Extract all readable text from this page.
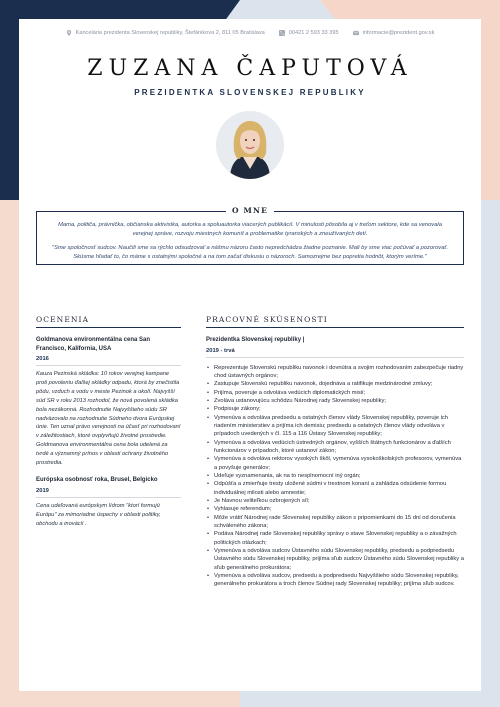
Kancelária prezidenta Slovenskej republiky, Štefánikova 2, 811 05 Bratislava	00421 2 593 33 395	informacie@prezident.gov.sk
ZUZANA ČAPUTOVÁ
PREZIDENTKA SLOVENSKEJ REPUBLIKY
O MNE

Mama, političa, právnička, občianska aktivistka, autorka a spoluautorka viacerých publikácií. V minulosti pôsobila aj v treťom sektore, kde sa venovala verejnej správe, rozvoju miestnych komunít a problematike tyranských a zneužívaných detí.

"Sme spoločnosť sudcov. Naučili sme sa rýchlo odsudzovať a nášmu názoru často nepredchádza žiadne poznanie. Mali by sme viac počúvať a pozorovať. Skúsme hľadať to, čo máme s ostatnými spoločné a na tom začať diskusiu o názoroch. Samozrejme bez popretia hodnôt, ktorým veríme."

OCENENIA
Goldmanova environmentálna cena San Francisco, Kalifornia, USA
2016
Kauza Pezinská skládka: 10 rokov verejnej kampane proti povoleniu ďalšej skládky odpadu, ktorá by znečistila pôdu, vzduch a vodu v meste Pezinok a okolí. Najvyšší súd SR v roku 2013 rozhodol, že nová povolená skládka bola nezákonná. Rozhodnutie Najvyššieho súdu SR nadväzovalo na rozhodnutie Súdneho dvora Európskej únie. Ten uznal právo verejnosti na účasť pri rozhodovaní v záležitostiach, ktoré ovplyvňujú životné prostredie. Goldmanova environmentálna cena bola udelená za tvrdé a významný prínos v oblasti ochrany životného prostredia.
Európska osobnosť roka, Brusel, Belgicko
2019
Cena udeľovaná európskym lídrom "ktorí formujú Európu" za mimoriadne úspechy v oblasti politiky, obchodu a inovácií .
PRACOVNÉ SKÚSENOSTI
Prezidentka Slovenskej republiky |
2019 - trvá
• Reprezentuje Slovenskú republiku navonok i dovnútra a svojim rozhodovaním zabezpečuje riadny chod ústavných orgánov;
• Zastupuje Slovenskú republiku navonok, dojednáva a ratifikuje medzinárodné zmluvy;
• Prijíma, poveruje a odvoláva vedúcich diplomatických misií;
• Zvoláva ustanovujúcu schôdzu Národnej rady Slovenskej republiky;
• Podpisuje zákony;
• Vymenúva a odvoláva predsedu a ostatných členov vlády Slovenskej republiky, poveruje ich riadením ministerstiev a prijíma ich demisiu; predsedu a ostatných členov vlády odvoláva v prípadoch uvedených v čl. 115 a 116 Ústavy Slovenskej republiky;
• Vymenúva a odvoláva vedúcich ústredných orgánov, vyšších štátnych funkcionárov a ďalších funkcionárov v prípadoch, ktoré ustanoví zákon;
• Vymenúva a odvoláva rektorov vysokých škôl, vymenúva vysokoškolských profesorov, vymenúva a povyšuje generálov;
• Udeľuje vyznamenania, ak na to nesplnomocní iný orgán;
• Odpúšťa a zmierňuje tresty uložené súdmi v trestnom konaní a zahládza odsúdenie formou individuálnej milosti alebo amnestie;
• Je hlavnou veliteľkou ozbrojených síl;
• Vyhlasuje referendum;
• Môže vrátiť Národnej rade Slovenskej republiky zákon s pripomienkami do 15 dní od doručenia schváleného zákona;
• Podáva Národnej rade Slovenskej republiky správy o stave Slovenskej republiky a o závažných politických otázkach;
• Vymenúva a odvoláva sudcov Ústavného súdu Slovenskej republiky, predsedu a podpredsedu Ústavného súdu Slovenskej republiky, prijíma sľub sudcov Ústavného súdu Slovenskej republiky a sľub generálneho prokurátora;
• Vymenúva a odvoláva sudcov, predsedu a podpredsedu Najvyššieho súdu Slovenskej republiky, generálneho prokurátora a troch členov Súdnej rady Slovenskej republiky; prijíma sľub sudcov.
